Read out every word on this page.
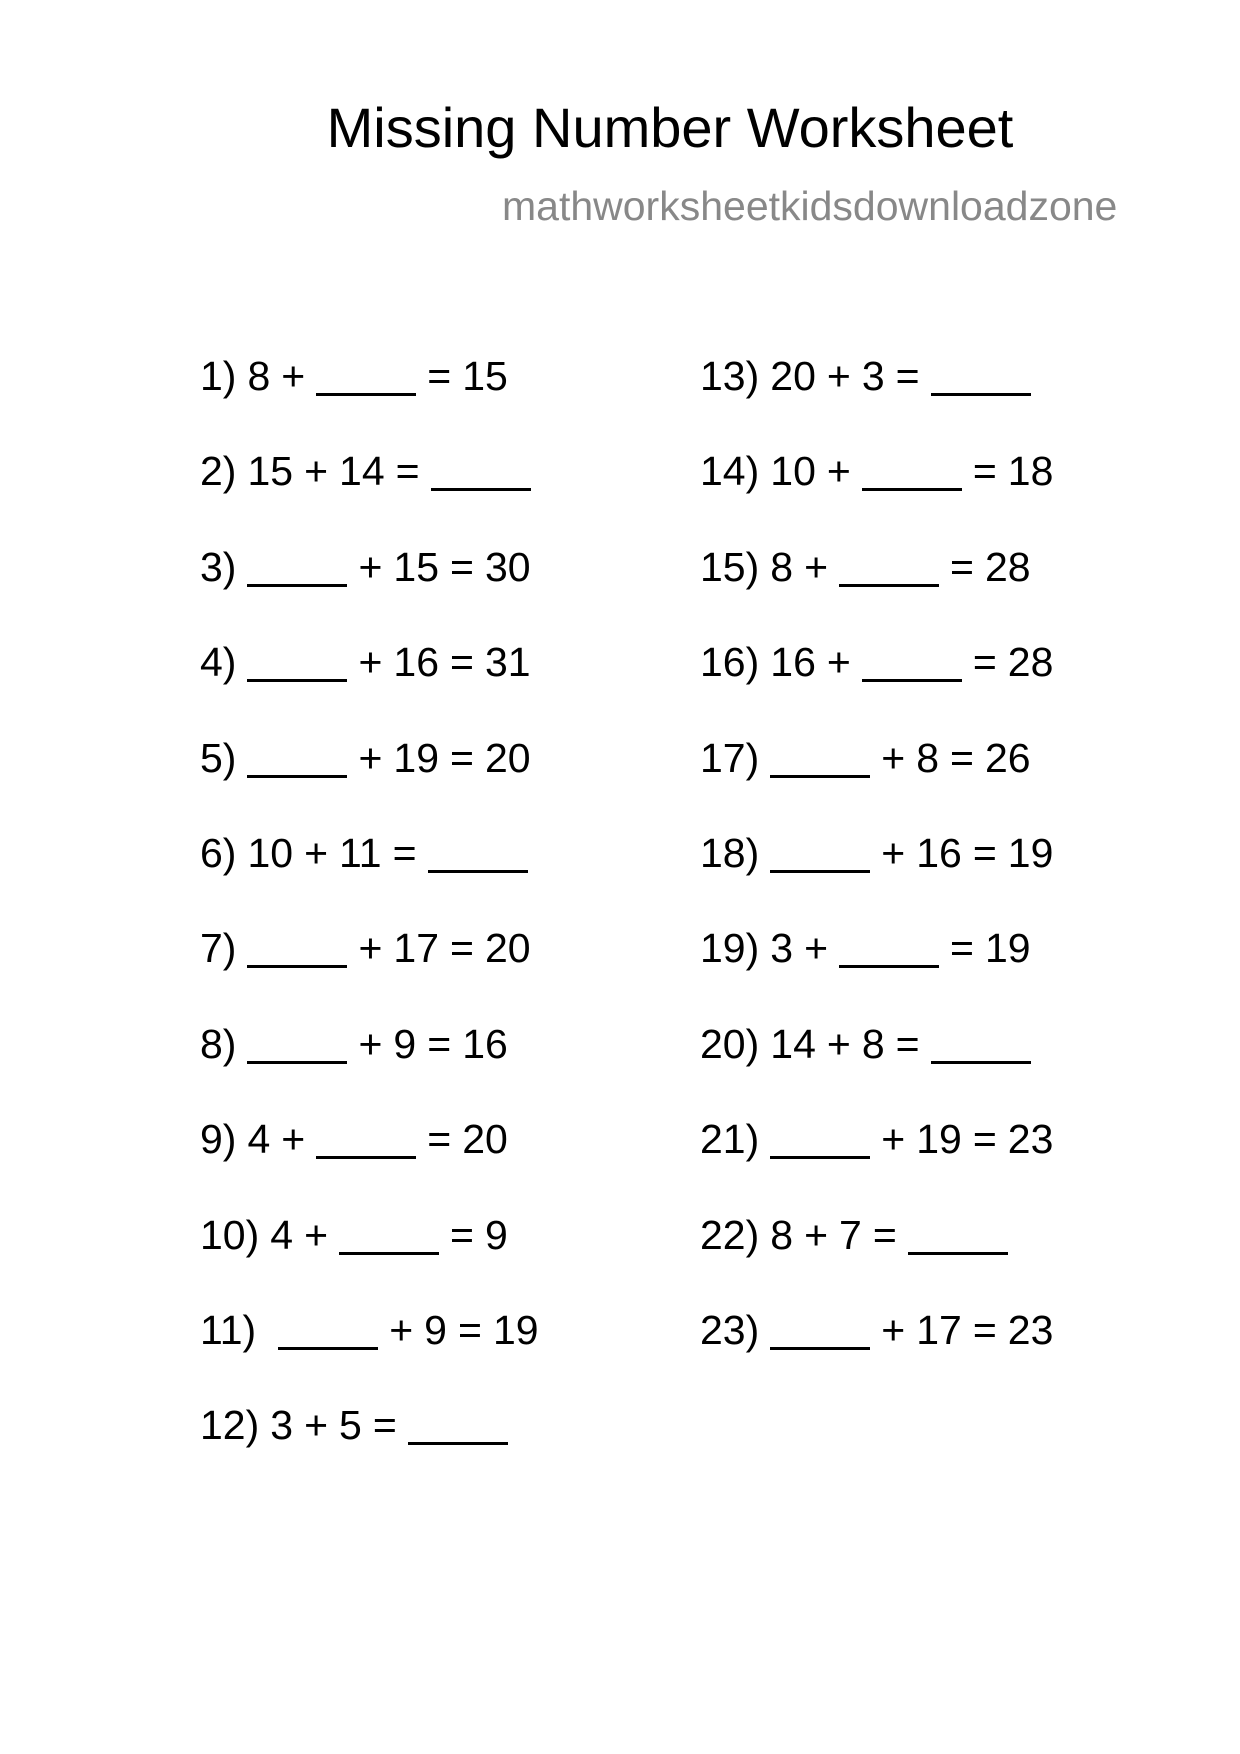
Missing Number Worksheet
mathworksheetkidsdownloadzone
1) 8 +	= 15
2) 15 + 14 =
3)	+ 15 = 30
4)	+ 16 = 31
5)	+ 19 = 20
6) 10 + 11 =
7)	+ 17 = 20
8)	+ 9 = 16
9) 4 +	= 20
10) 4 +	= 9
11)	+ 9 = 19
12) 3 + 5 =
13) 20 + 3 =
14) 10 +	= 18
15) 8 +	= 28
16) 16 +	= 28
17)	+ 8 = 26
18)	+ 16 = 19
19) 3 +	= 19
20) 14 + 8 =
21)	+ 19 = 23
22) 8 + 7 =
23)	+ 17 = 23
